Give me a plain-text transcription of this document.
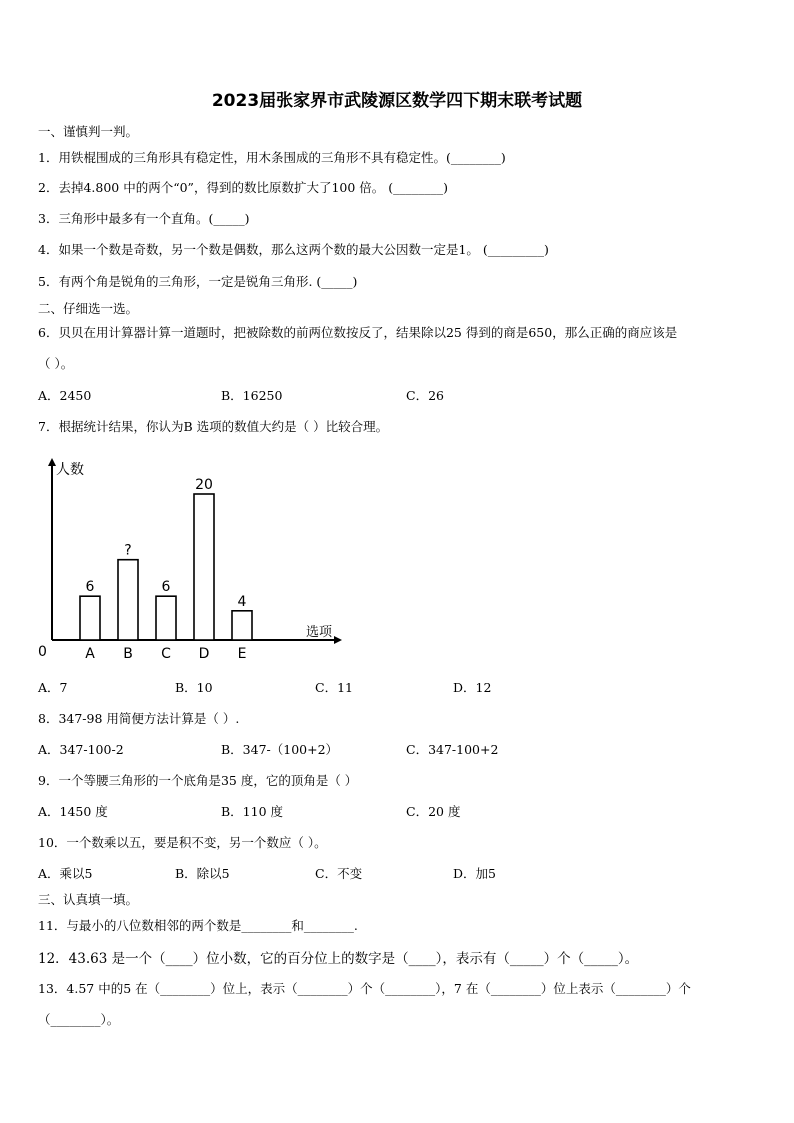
2023届张家界市武陵源区数学四下期末联考试题
一、谨慎判一判。
1．用铁棍围成的三角形具有稳定性，用木条围成的三角形不具有稳定性。(________)
2．去掉4.800 中的两个“0”，得到的数比原数扩大了100 倍。 (________)
3．三角形中最多有一个直角。(_____)
4．如果一个数是奇数，另一个数是偶数，那么这两个数的最大公因数一定是1。 (_________)
5．有两个角是锐角的三角形，一定是锐角三角形. (_____)
二、仔细选一选。
6．贝贝在用计算器计算一道题时，把被除数的前两位数按反了，结果除以25 得到的商是650，那么正确的商应该是
（ ）。
A．2450	B．16250	C．26
7．根据统计结果，你认为B 选项的数值大约是（ ）比较合理。
人数
选项
0
6
A
?
B
6
C
20
D
4
E
A．7	B．10	C．11	D．12
8．347-98 用简便方法计算是（ ）.
A．347-100-2	B．347-（100+2）	C．347-100+2
9．一个等腰三角形的一个底角是35 度，它的顶角是（ ）
A．1450 度	B．110 度	C．20 度
10．一个数乘以五，要是积不变，另一个数应（ ）。
A．乘以5	B．除以5	C．不变	D．加5
三、认真填一填。
11．与最小的八位数相邻的两个数是________和________.
12．43.63 是一个（____）位小数，它的百分位上的数字是（____），表示有（_____）个（_____）。
13．4.57 中的5 在（________）位上，表示（________）个（________），7 在（________）位上表示（________）个
（________）。
